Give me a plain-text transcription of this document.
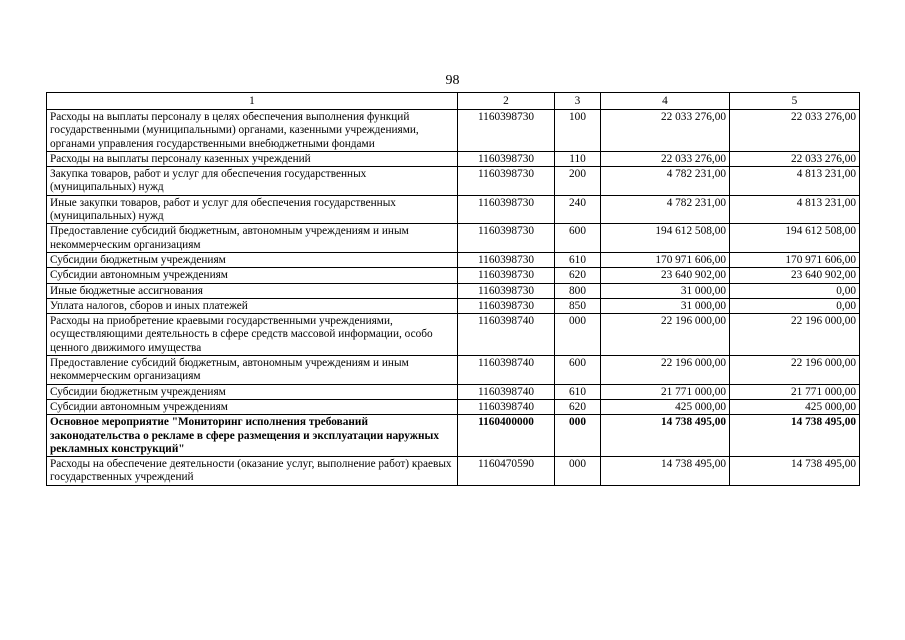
98
1	2	3	4	5
Расходы на выплаты персоналу в целях обеспечения выполнения функций государственными (муниципальными) органами, казенными учреждениями, органами управления государственными внебюджетными фондами	1160398730	100	22 033 276,00	22 033 276,00
Расходы на выплаты персоналу казенных учреждений	1160398730	110	22 033 276,00	22 033 276,00
Закупка товаров, работ и услуг для обеспечения государственных (муниципальных) нужд	1160398730	200	4 782 231,00	4 813 231,00
Иные закупки товаров, работ и услуг для обеспечения государственных (муниципальных) нужд	1160398730	240	4 782 231,00	4 813 231,00
Предоставление субсидий бюджетным, автономным учреждениям и иным некоммерческим организациям	1160398730	600	194 612 508,00	194 612 508,00
Субсидии бюджетным учреждениям	1160398730	610	170 971 606,00	170 971 606,00
Субсидии автономным учреждениям	1160398730	620	23 640 902,00	23 640 902,00
Иные бюджетные ассигнования	1160398730	800	31 000,00	0,00
Уплата налогов, сборов и иных платежей	1160398730	850	31 000,00	0,00
Расходы на приобретение краевыми государственными учреждениями, осуществляющими деятельность в сфере средств массовой информации, особо ценного движимого имущества	1160398740	000	22 196 000,00	22 196 000,00
Предоставление субсидий бюджетным, автономным учреждениям и иным некоммерческим организациям	1160398740	600	22 196 000,00	22 196 000,00
Субсидии бюджетным учреждениям	1160398740	610	21 771 000,00	21 771 000,00
Субсидии автономным учреждениям	1160398740	620	425 000,00	425 000,00
Основное мероприятие "Мониторинг исполнения требований законодательства о рекламе в сфере размещения и эксплуатации наружных рекламных конструкций"	1160400000	000	14 738 495,00	14 738 495,00
Расходы на обеспечение деятельности (оказание услуг, выполнение работ) краевых государственных учреждений	1160470590	000	14 738 495,00	14 738 495,00
